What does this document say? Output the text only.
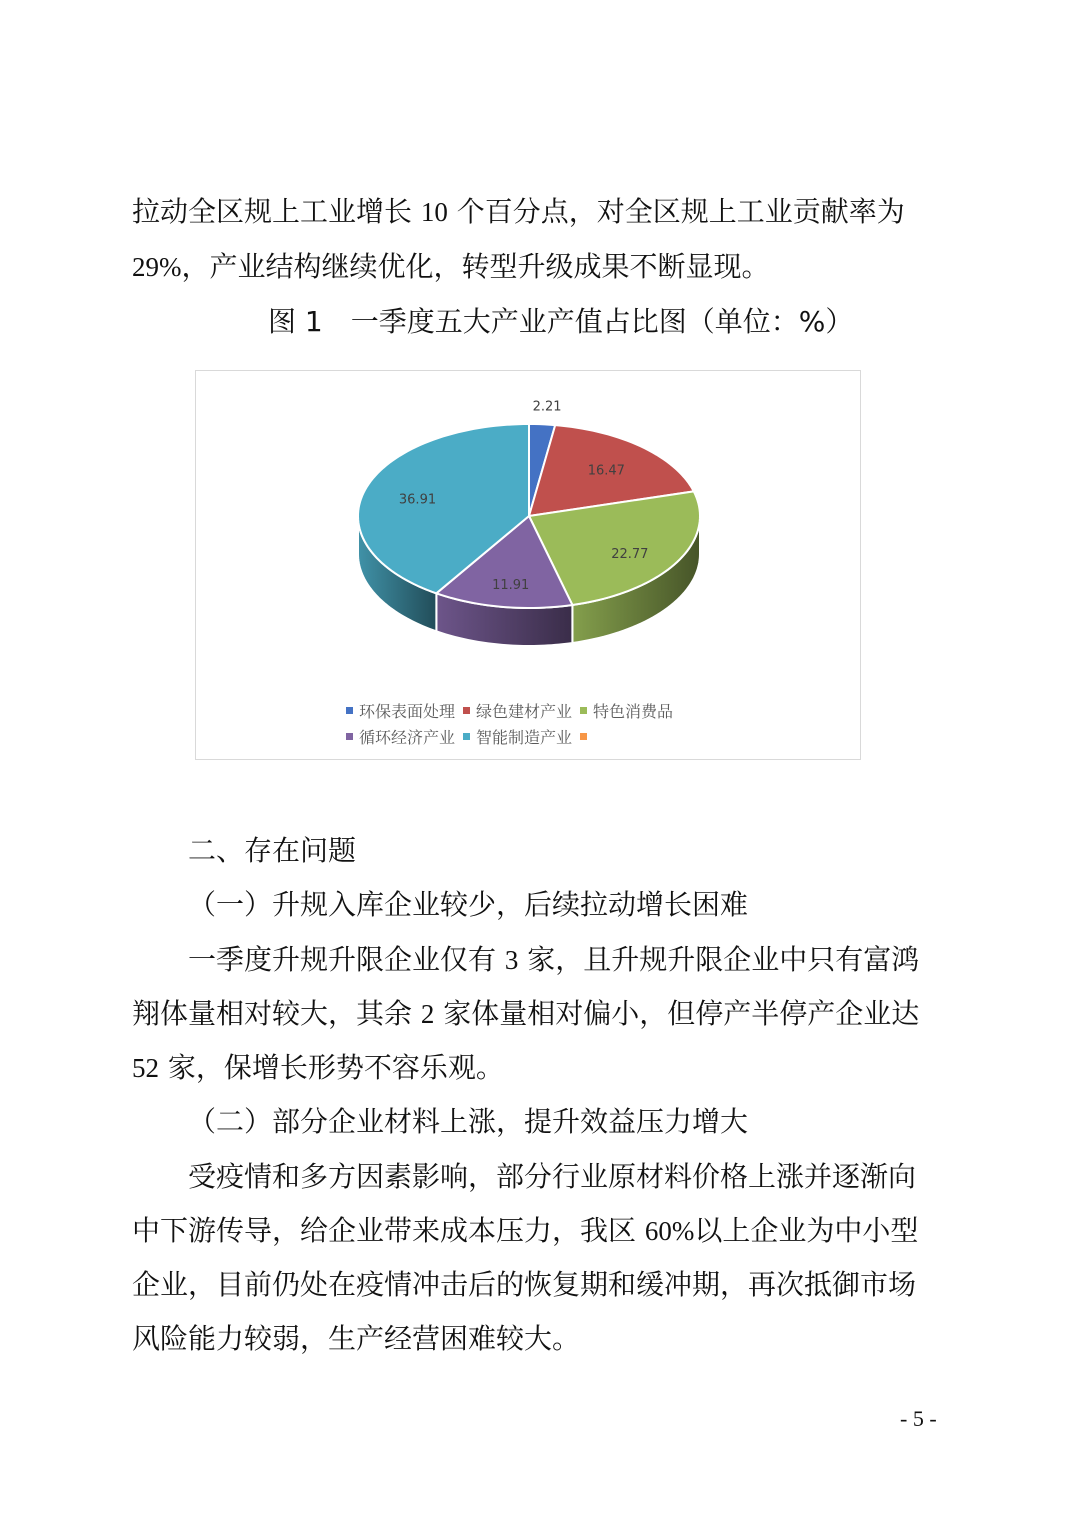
拉动全区规上工业增长 10 个百分点，对全区规上工业贡献率为
29%，产业结构继续优化，转型升级成果不断显现。
图 1　一季度五大产业产值占比图（单位：%）
2.21
16.47
22.77
11.91
36.91
环保表面处理 绿色建材产业 特色消费品
循环经济产业 智能制造产业
二、存在问题
（一）升规入库企业较少，后续拉动增长困难
一季度升规升限企业仅有 3 家，且升规升限企业中只有富鸿
翔体量相对较大，其余 2 家体量相对偏小，但停产半停产企业达
52 家，保增长形势不容乐观。
（二）部分企业材料上涨，提升效益压力增大
受疫情和多方因素影响，部分行业原材料价格上涨并逐渐向
中下游传导，给企业带来成本压力，我区 60%以上企业为中小型
企业，目前仍处在疫情冲击后的恢复期和缓冲期，再次抵御市场
风险能力较弱，生产经营困难较大。
- 5 -
